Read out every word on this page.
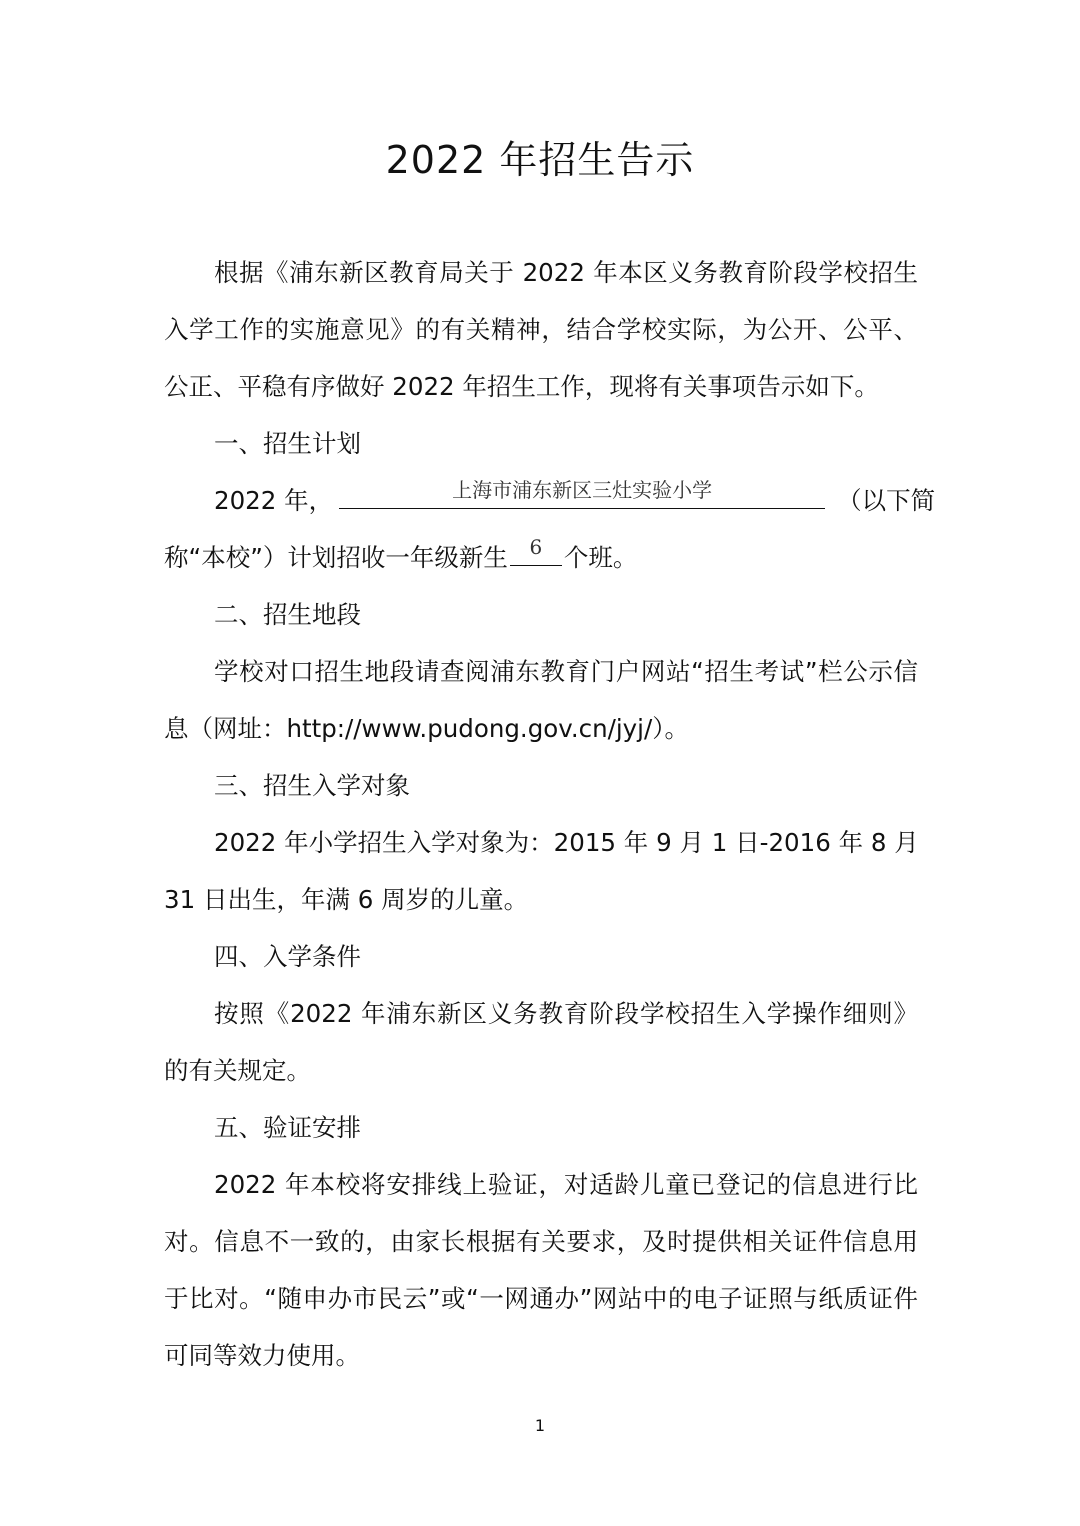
2022 年招生告示
根据《浦东新区教育局关于 2022 年本区义务教育阶段学校招生
入学工作的实施意见》的有关精神，结合学校实际，为公开、公平、
公正、平稳有序做好 2022 年招生工作，现将有关事项告示如下。
一、招生计划
2022 年，	上海市浦东新区三灶实验小学	（以下简
称“本校”）计划招收一年级新生	6 个班。
二、招生地段
学校对口招生地段请查阅浦东教育门户网站“招生考试”栏公示信
息（网址：http://www.pudong.gov.cn/jyj/）。
三、招生入学对象
2022 年小学招生入学对象为：2015 年 9 月 1 日-2016 年 8 月
31 日出生，年满 6 周岁的儿童。
四、入学条件
按照《2022 年浦东新区义务教育阶段学校招生入学操作细则》
的有关规定。
五、验证安排
2022 年本校将安排线上验证，对适龄儿童已登记的信息进行比
对。信息不一致的，由家长根据有关要求，及时提供相关证件信息用
于比对。“随申办市民云”或“一网通办”网站中的电子证照与纸质证件
可同等效力使用。
1
